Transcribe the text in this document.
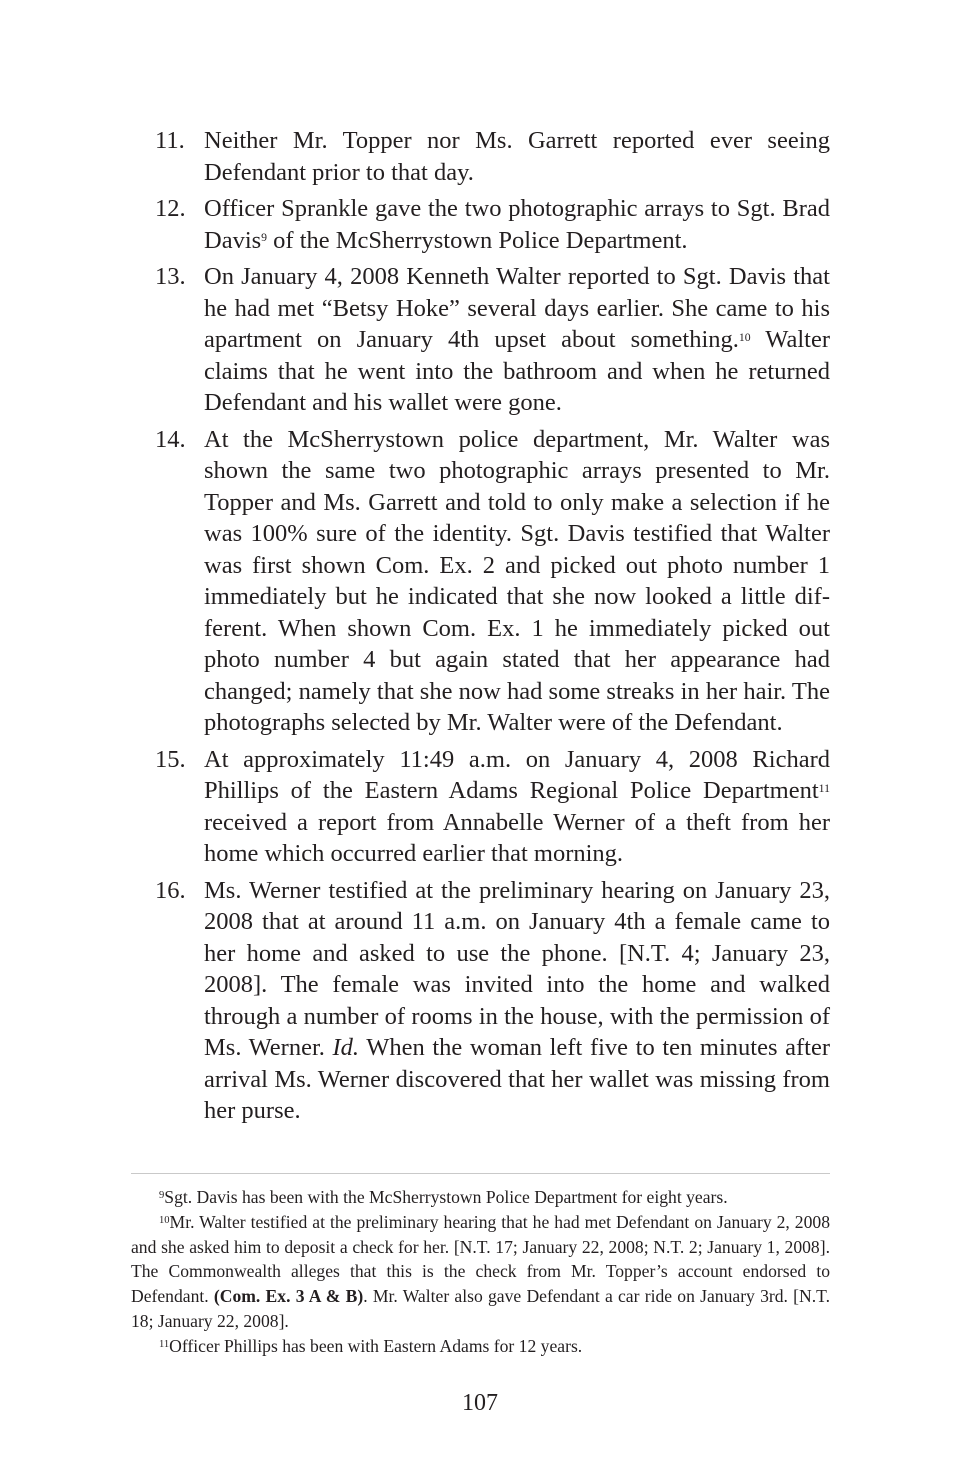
11. Neither Mr. Topper nor Ms. Garrett reported ever seeing Defendant prior to that day.
12. Officer Sprankle gave the two photographic arrays to Sgt. Brad Davis$^9$ of the McSherrystown Police Department.
13. On January 4, 2008 Kenneth Walter reported to Sgt. Davis that he had met “Betsy Hoke” several days earlier. She came to his apartment on January 4th upset about something.$^{10}$ Walter claims that he went into the bathroom and when he returned Defendant and his wallet were gone.
14. At the McSherrystown police department, Mr. Walter was shown the same two photographic arrays presented to Mr. Topper and Ms. Garrett and told to only make a selection if he was 100% sure of the identity. Sgt. Davis testified that Walter was first shown Com. Ex. 2 and picked out photo number 1 immediately but he indicated that she now looked a little different. When shown Com. Ex. 1 he immediately picked out photo number 4 but again stated that her appearance had changed; namely that she now had some streaks in her hair. The photographs selected by Mr. Walter were of the Defendant.
15. At approximately 11:49 a.m. on January 4, 2008 Richard Phillips of the Eastern Adams Regional Police Department$^{11}$ received a report from Annabelle Werner of a theft from her home which occurred earlier that morning.
16. Ms. Werner testified at the preliminary hearing on January 23, 2008 that at around 11 a.m. on January 4th a female came to her home and asked to use the phone. [N.T. 4; January 23, 2008]. The female was invited into the home and walked through a number of rooms in the house, with the permission of Ms. Werner. Id. When the woman left five to ten minutes after arrival Ms. Werner discovered that her wallet was missing from her purse.

$^9$Sgt. Davis has been with the McSherrystown Police Department for eight years.

$^{10}$Mr. Walter testified at the preliminary hearing that he had met Defendant on January 2, 2008 and she asked him to deposit a check for her. [N.T. 17; January 22, 2008; N.T. 2; January 1, 2008]. The Commonwealth alleges that this is the check from Mr. Topper’s account endorsed to Defendant. (Com. Ex. 3 A & B). Mr. Walter also gave Defendant a car ride on January 3rd. [N.T. 18; January 22, 2008].

$^{11}$Officer Phillips has been with Eastern Adams for 12 years.

107
